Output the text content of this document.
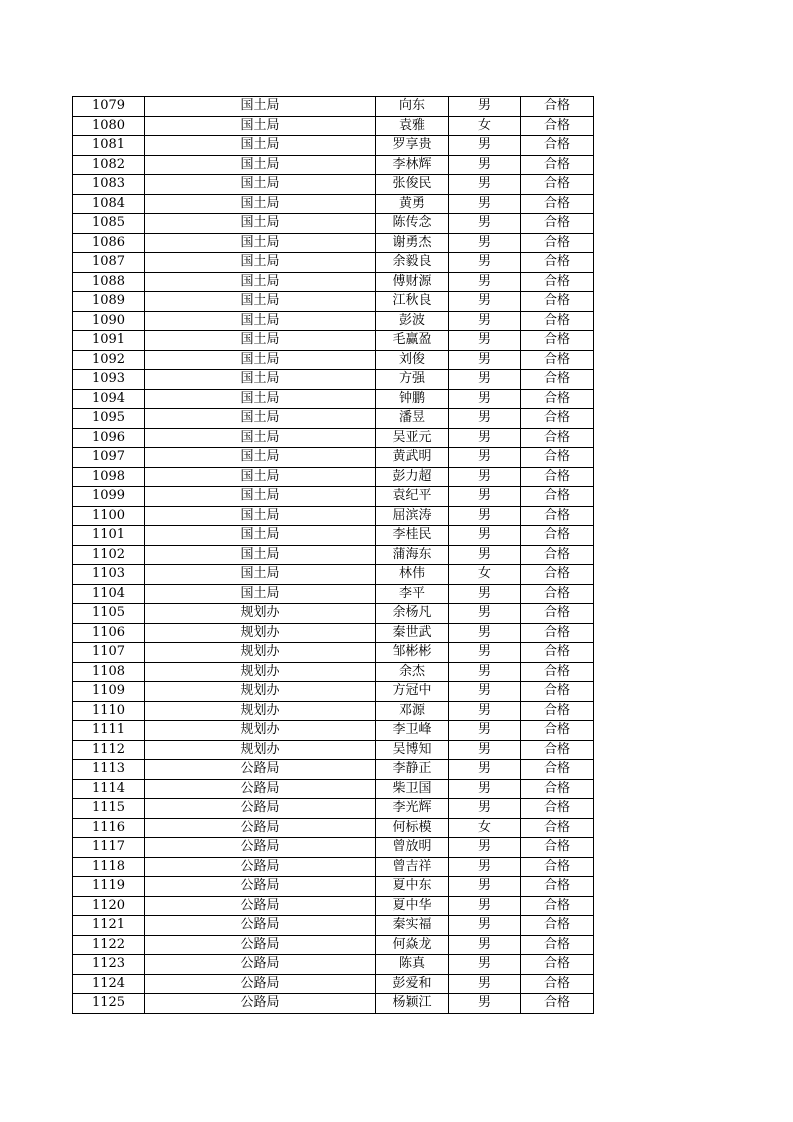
1079	国土局	向东	男	合格
1080	国土局	袁雅	女	合格
1081	国土局	罗享贵	男	合格
1082	国土局	李林辉	男	合格
1083	国土局	张俊民	男	合格
1084	国土局	黄勇	男	合格
1085	国土局	陈传念	男	合格
1086	国土局	谢勇杰	男	合格
1087	国土局	余毅良	男	合格
1088	国土局	傅财源	男	合格
1089	国土局	江秋良	男	合格
1090	国土局	彭波	男	合格
1091	国土局	毛赢盈	男	合格
1092	国土局	刘俊	男	合格
1093	国土局	方强	男	合格
1094	国土局	钟鹏	男	合格
1095	国土局	潘昱	男	合格
1096	国土局	吴亚元	男	合格
1097	国土局	黄武明	男	合格
1098	国土局	彭力超	男	合格
1099	国土局	袁纪平	男	合格
1100	国土局	屈滨涛	男	合格
1101	国土局	李桂民	男	合格
1102	国土局	蒲海东	男	合格
1103	国土局	林伟	女	合格
1104	国土局	李平	男	合格
1105	规划办	余杨凡	男	合格
1106	规划办	秦世武	男	合格
1107	规划办	邹彬彬	男	合格
1108	规划办	余杰	男	合格
1109	规划办	方冠中	男	合格
1110	规划办	邓源	男	合格
1111	规划办	李卫峰	男	合格
1112	规划办	吴博知	男	合格
1113	公路局	李静正	男	合格
1114	公路局	柴卫国	男	合格
1115	公路局	李光辉	男	合格
1116	公路局	何标模	女	合格
1117	公路局	曾放明	男	合格
1118	公路局	曾吉祥	男	合格
1119	公路局	夏中东	男	合格
1120	公路局	夏中华	男	合格
1121	公路局	秦实福	男	合格
1122	公路局	何焱龙	男	合格
1123	公路局	陈真	男	合格
1124	公路局	彭爱和	男	合格
1125	公路局	杨颖江	男	合格
